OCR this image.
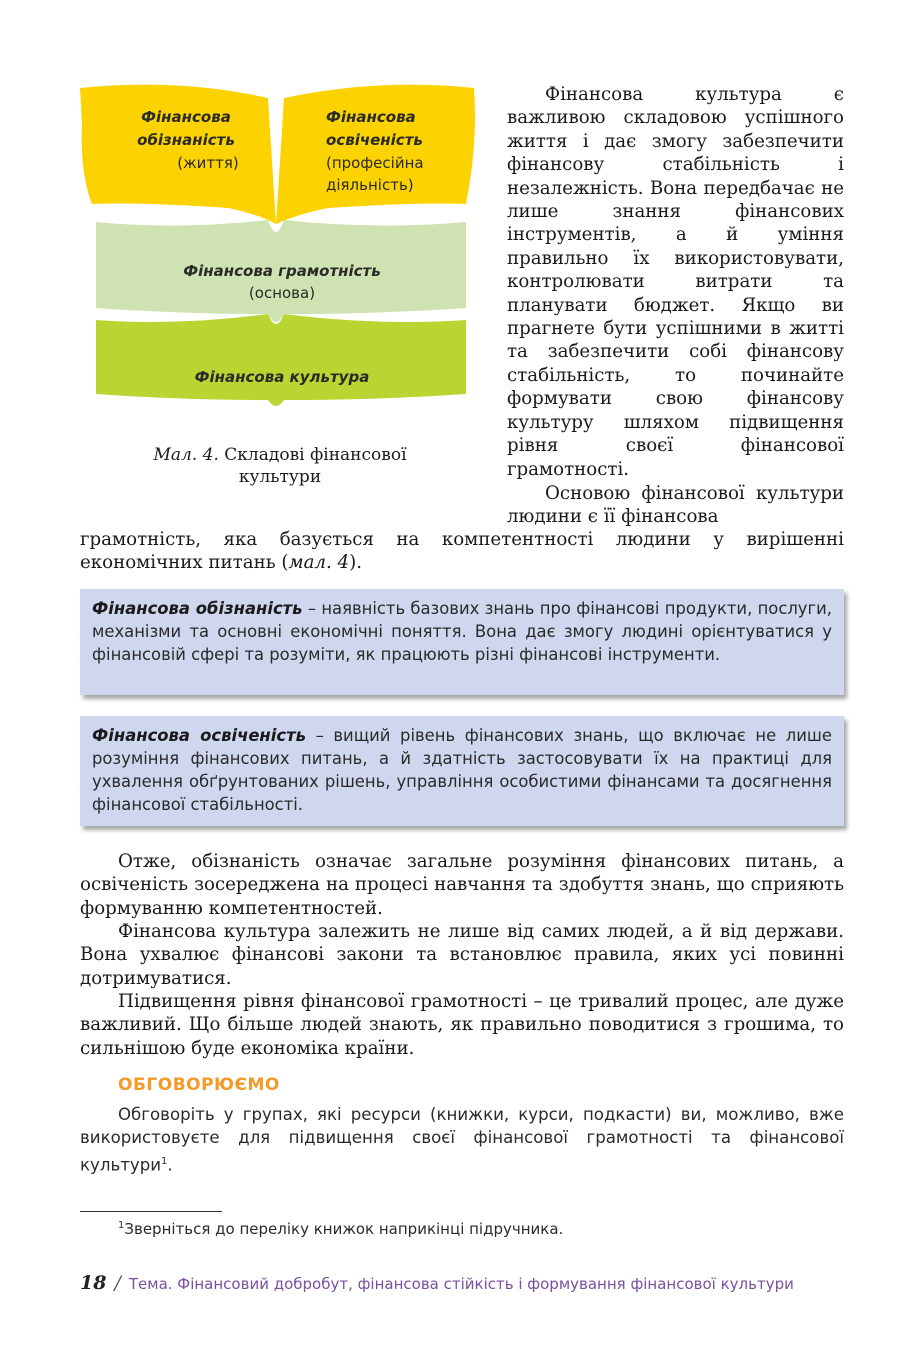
Фінансова
обізнаність
(життя)
Фінансова
освіченість
(професійна
діяльність)
Фінансова грамотність
(основа)
Фінансова культура
Мал. 4. Складові фінансової
культури
Фінансова культура є важливою складовою успішного життя і дає змогу забезпечити фінансову стабільність і незалежність. Вона передбачає не лише знання фінансових інструментів, а й уміння правильно їх використовувати, контролювати витрати та планувати бюджет. Якщо ви прагнете бути успішними в житті та забезпечити собі фінансову стабільність, то починайте формувати свою фінансову культуру шляхом підвищення рівня своєї фінансової грамотності.
Основою фінансової культури людини є її фінансова
грамотність, яка базується на компетентності людини у вирішенні економічних питань (мал. 4).
Фінансова обізнаність – наявність базових знань про фінансові продукти, послуги, механізми та основні економічні поняття. Вона дає змогу людині орієнтуватися у фінансовій сфері та розуміти, як працюють різні фінансові інструменти.
Фінансова освіченість – вищий рівень фінансових знань, що включає не лише розуміння фінансових питань, а й здатність застосовувати їх на практиці для ухвалення обґрунтованих рішень, управління особистими фінансами та досягнення фінансової стабільності.
Отже, обізнаність означає загальне розуміння фінансових питань, а освіченість зосереджена на процесі навчання та здобуття знань, що сприяють формуванню компетентностей.
Фінансова культура залежить не лише від самих людей, а й від держави. Вона ухвалює фінансові закони та встановлює правила, яких усі повинні дотримуватися.
Підвищення рівня фінансової грамотності – це тривалий процес, але дуже важливий. Що більше людей знають, як правильно поводитися з грошима, то сильнішою буде економіка країни.
ОБГОВОРЮЄМО
Обговоріть у групах, які ресурси (книжки, курси, подкасти) ви, можливо, вже використовуєте для підвищення своєї фінансової грамотності та фінансової культури$^1$.
$^1$Зверніться до переліку книжок наприкінці підручника.
18 / Тема. Фінансовий добробут, фінансова стійкість і формування фінансової культури
